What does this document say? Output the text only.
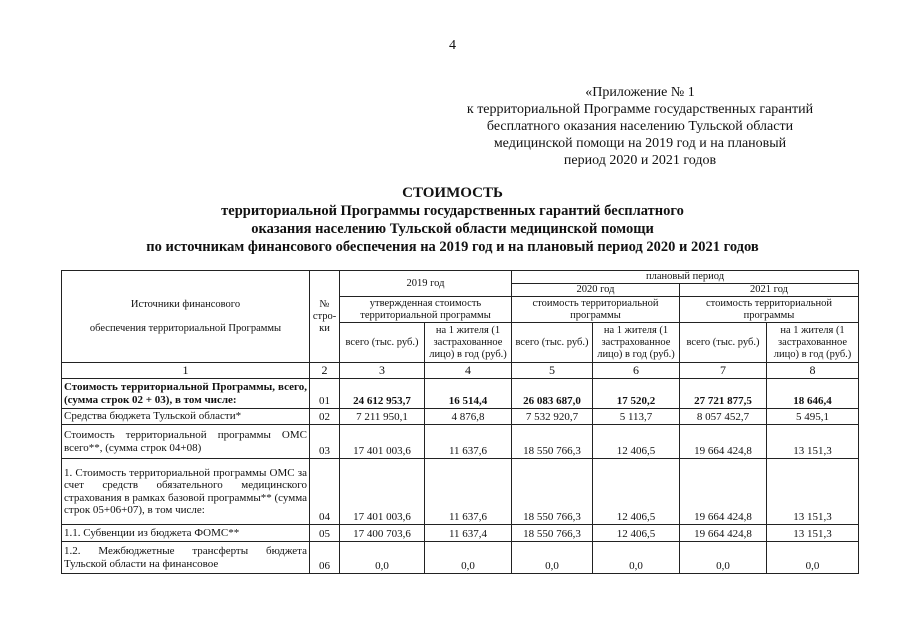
4
«Приложение № 1
к территориальной Программе государственных гарантий
бесплатного оказания населению Тульской области
медицинской помощи на 2019 год и на плановый
период 2020 и 2021 годов
СТОИМОСТЬ
территориальной Программы государственных гарантий бесплатного
оказания населению Тульской области медицинской помощи
по источникам финансового обеспечения на 2019 год и на плановый период 2020 и 2021 годов
Источники финансового
обеспечения территориальной Программы	№ стро-ки	2019 год		плановый период			
				2020 год		2021 год	
		утвержденная стоимость территориальной программы		стоимость территориальной программы		стоимость территориальной программы	
		всего (тыс. руб.)	на 1 жителя (1 застрахованное лицо) в год (руб.)	всего (тыс. руб.)	на 1 жителя (1 застрахованное лицо) в год (руб.)	всего (тыс. руб.)	на 1 жителя (1 застрахованное лицо) в год (руб.)
1	2	3	4	5	6	7	8
Стоимость территориальной Программы, всего, (сумма строк 02 + 03), в том числе:	01	24 612 953,7	16 514,4	26 083 687,0	17 520,2	27 721 877,5	18 646,4
Средства бюджета Тульской области*	02	7 211 950,1	4 876,8	7 532 920,7	5 113,7	8 057 452,7	5 495,1
Стоимость территориальной программы ОМС всего**, (сумма строк 04+08)	03	17 401 003,6	11 637,6	18 550 766,3	12 406,5	19 664 424,8	13 151,3
1. Стоимость территориальной программы ОМС за счет средств обязательного медицинского страхования в рамках базовой программы** (сумма строк 05+06+07), в том числе:	04	17 401 003,6	11 637,6	18 550 766,3	12 406,5	19 664 424,8	13 151,3
1.1. Субвенции из бюджета ФОМС**	05	17 400 703,6	11 637,4	18 550 766,3	12 406,5	19 664 424,8	13 151,3
1.2. Межбюджетные трансферты бюджета Тульской области на финансовое	06	0,0	0,0	0,0	0,0	0,0	0,0
